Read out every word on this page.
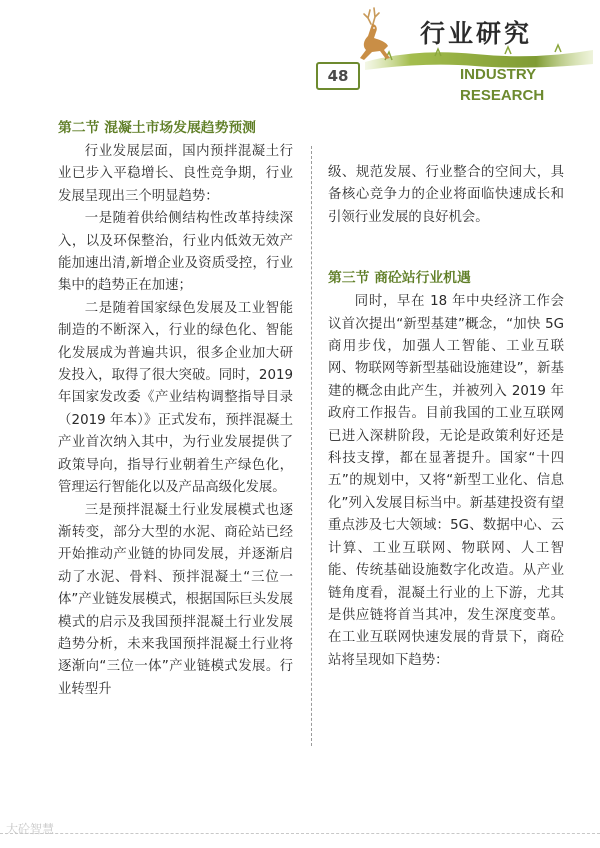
行业研究
48	INDUSTRY
RESEARCH
第二节 混凝土市场发展趋势预测

行业发展层面，国内预拌混凝土行业已步入平稳增长、良性竞争期，行业发展呈现出三个明显趋势：

一是随着供给侧结构性改革持续深入，以及环保整治，行业内低效无效产能加速出清,新增企业及资质受控，行业集中的趋势正在加速；

二是随着国家绿色发展及工业智能制造的不断深入，行业的绿色化、智能化发展成为普遍共识，很多企业加大研发投入，取得了很大突破。同时，2019 年国家发改委《产业结构调整指导目录（2019 年本）》正式发布，预拌混凝土产业首次纳入其中，为行业发展提供了政策导向，指导行业朝着生产绿色化，管理运行智能化以及产品高级化发展。

三是预拌混凝土行业发展模式也逐渐转变，部分大型的水泥、商砼站已经开始推动产业链的协同发展，并逐渐启动了水泥、骨料、预拌混凝土“三位一体”产业链发展模式，根据国际巨头发展模式的启示及我国预拌混凝土行业发展趋势分析，未来我国预拌混凝土行业将逐渐向“三位一体”产业链模式发展。行业转型升

级、规范发展、行业整合的空间大，具备核心竞争力的企业将面临快速成长和引领行业发展的良好机会。

第三节 商砼站行业机遇

同时，早在 18 年中央经济工作会议首次提出“新型基建”概念，“加快 5G 商用步伐，加强人工智能、工业互联网、物联网等新型基础设施建设”，新基建的概念由此产生，并被列入 2019 年政府工作报告。目前我国的工业互联网已进入深耕阶段，无论是政策利好还是科技支撑，都在显著提升。国家“十四五”的规划中，又将“新型工业化、信息化”列入发展目标当中。新基建投资有望重点涉及七大领域：5G、数据中心、云计算、工业互联网、物联网、人工智能、传统基础设施数字化改造。从产业链角度看，混凝土行业的上下游，尤其是供应链将首当其冲，发生深度变革。在工业互联网快速发展的背景下，商砼站将呈现如下趋势：

大砼智慧
